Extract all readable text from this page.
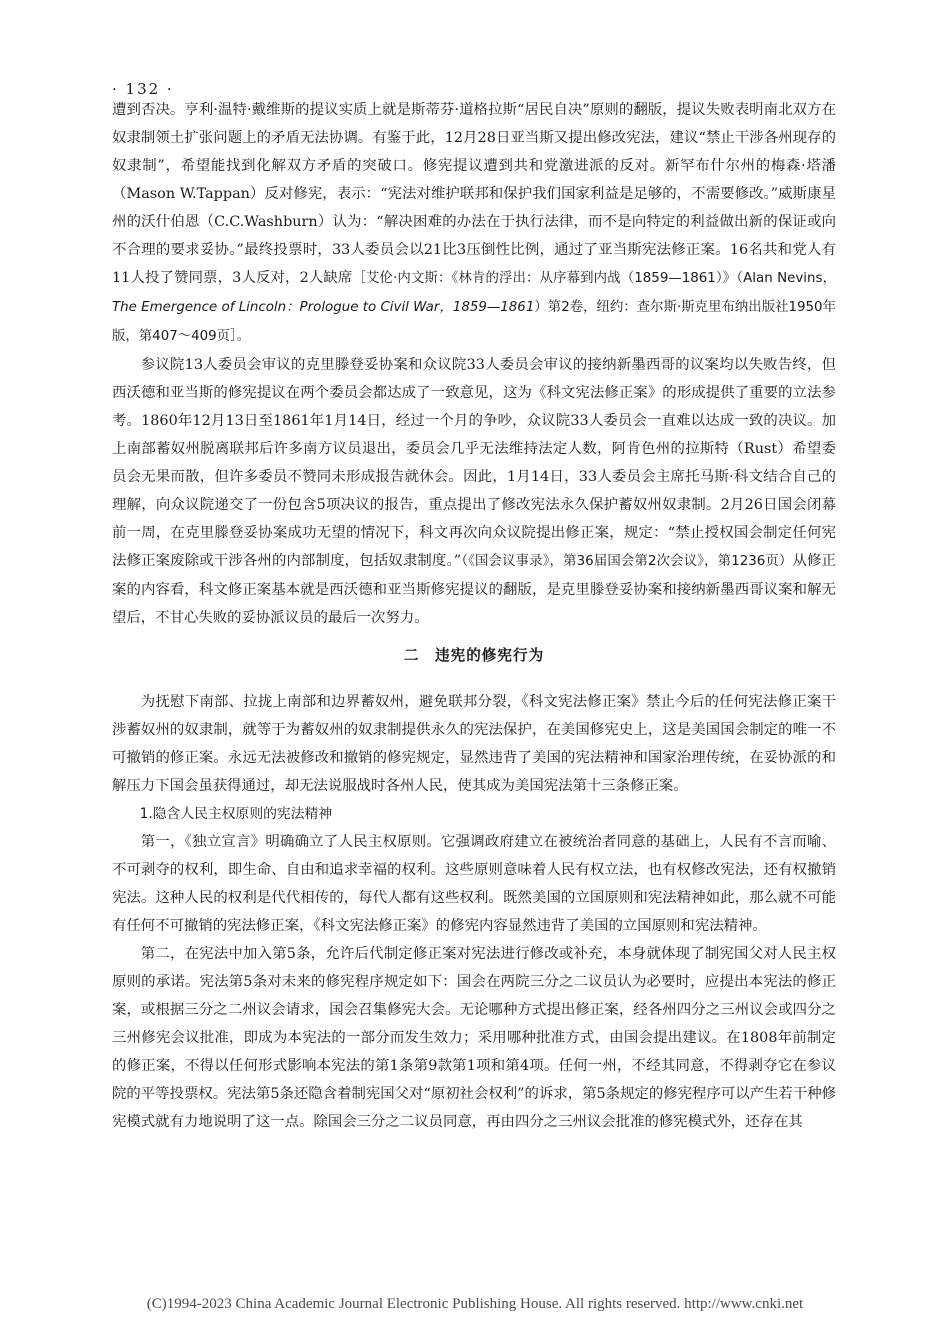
· 132 ·

遭到否决。亨利·温特·戴维斯的提议实质上就是斯蒂芬·道格拉斯“居民自决”原则的翻版，提议失败表明南北双方在奴隶制领土扩张问题上的矛盾无法协调。有鉴于此，12月28日亚当斯又提出修改宪法，建议“禁止干涉各州现存的奴隶制”，希望能找到化解双方矛盾的突破口。修宪提议遭到共和党激进派的反对。新罕布什尔州的梅森·塔潘（Mason W.Tappan）反对修宪，表示：“宪法对维护联邦和保护我们国家利益是足够的，不需要修改。”威斯康星州的沃什伯恩（C.C.Washburn）认为：“解决困难的办法在于执行法律，而不是向特定的利益做出新的保证或向不合理的要求妥协。”最终投票时，33人委员会以21比3压倒性比例，通过了亚当斯宪法修正案。16名共和党人有11人投了赞同票，3人反对，2人缺席［艾伦·内文斯：《林肯的浮出：从序幕到内战（1859—1861）》（Alan Nevins，The Emergence of Lincoln：Prologue to Civil War，1859—1861）第2卷，纽约：查尔斯·斯克里布纳出版社1950年版，第407～409页］。

参议院13人委员会审议的克里滕登妥协案和众议院33人委员会审议的接纳新墨西哥的议案均以失败告终，但西沃德和亚当斯的修宪提议在两个委员会都达成了一致意见，这为《科文宪法修正案》的形成提供了重要的立法参考。1860年12月13日至1861年1月14日，经过一个月的争吵，众议院33人委员会一直难以达成一致的决议。加上南部蓄奴州脱离联邦后许多南方议员退出，委员会几乎无法维持法定人数，阿肯色州的拉斯特（Rust）希望委员会无果而散，但许多委员不赞同未形成报告就休会。因此，1月14日，33人委员会主席托马斯·科文结合自己的理解，向众议院递交了一份包含5项决议的报告，重点提出了修改宪法永久保护蓄奴州奴隶制。2月26日国会闭幕前一周，在克里滕登妥协案成功无望的情况下，科文再次向众议院提出修正案，规定：“禁止授权国会制定任何宪法修正案废除或干涉各州的内部制度，包括奴隶制度。”（《国会议事录》，第36届国会第2次会议》，第1236页）从修正案的内容看，科文修正案基本就是西沃德和亚当斯修宪提议的翻版，是克里滕登妥协案和接纳新墨西哥议案和解无望后，不甘心失败的妥协派议员的最后一次努力。

二　违宪的修宪行为

为抚慰下南部、拉拢上南部和边界蓄奴州，避免联邦分裂，《科文宪法修正案》禁止今后的任何宪法修正案干涉蓄奴州的奴隶制，就等于为蓄奴州的奴隶制提供永久的宪法保护，在美国修宪史上，这是美国国会制定的唯一不可撤销的修正案。永远无法被修改和撤销的修宪规定，显然违背了美国的宪法精神和国家治理传统，在妥协派的和解压力下国会虽获得通过，却无法说服战时各州人民，使其成为美国宪法第十三条修正案。

1.隐含人民主权原则的宪法精神

第一，《独立宣言》明确确立了人民主权原则。它强调政府建立在被统治者同意的基础上，人民有不言而喻、不可剥夺的权利，即生命、自由和追求幸福的权利。这些原则意味着人民有权立法，也有权修改宪法，还有权撤销宪法。这种人民的权利是代代相传的，每代人都有这些权利。既然美国的立国原则和宪法精神如此，那么就不可能有任何不可撤销的宪法修正案，《科文宪法修正案》的修宪内容显然违背了美国的立国原则和宪法精神。

第二，在宪法中加入第5条，允许后代制定修正案对宪法进行修改或补充，本身就体现了制宪国父对人民主权原则的承诺。宪法第5条对未来的修宪程序规定如下：国会在两院三分之二议员认为必要时，应提出本宪法的修正案，或根据三分之二州议会请求，国会召集修宪大会。无论哪种方式提出修正案，经各州四分之三州议会或四分之三州修宪会议批准，即成为本宪法的一部分而发生效力；采用哪种批准方式，由国会提出建议。在1808年前制定的修正案，不得以任何形式影响本宪法的第1条第9款第1项和第4项。任何一州，不经其同意，不得剥夺它在参议院的平等投票权。宪法第5条还隐含着制宪国父对“原初社会权利”的诉求，第5条规定的修宪程序可以产生若干种修宪模式就有力地说明了这一点。除国会三分之二议员同意，再由四分之三州议会批准的修宪模式外，还存在其

(C)1994-2023 China Academic Journal Electronic Publishing House. All rights reserved. http://www.cnki.net
